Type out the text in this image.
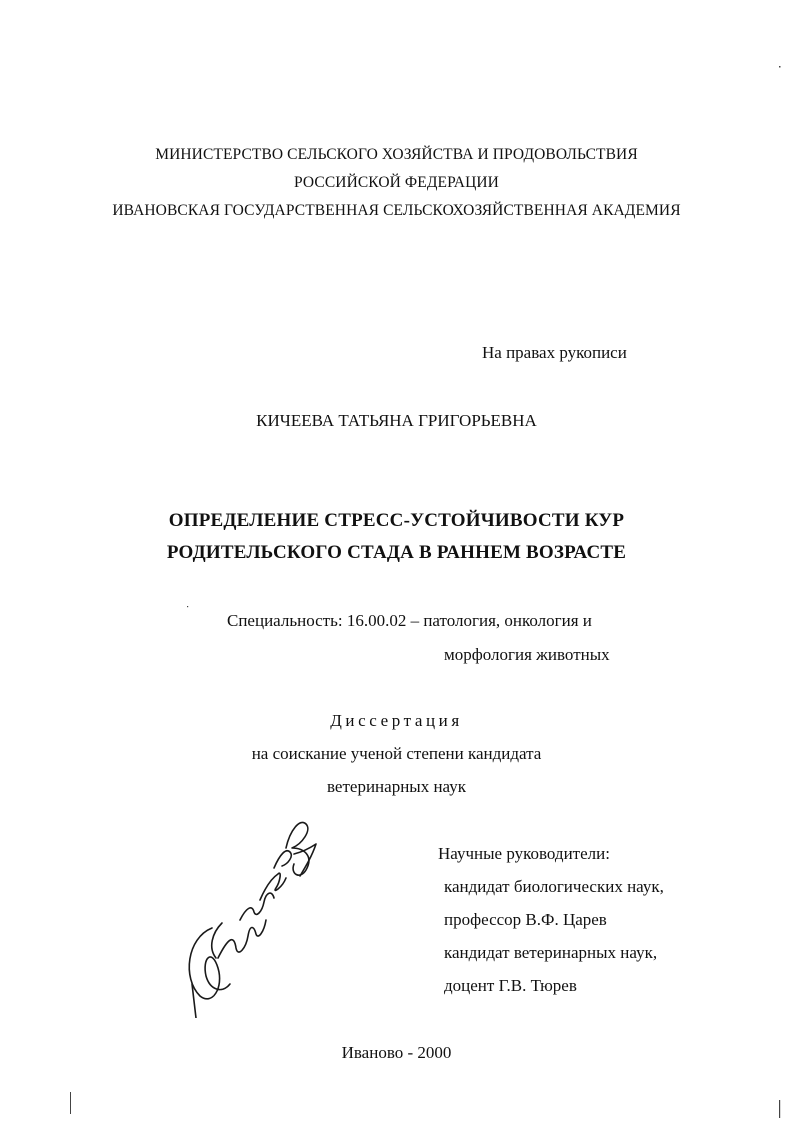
МИНИСТЕРСТВО СЕЛЬСКОГО ХОЗЯЙСТВА И ПРОДОВОЛЬСТВИЯ
РОССИЙСКОЙ ФЕДЕРАЦИИ
ИВАНОВСКАЯ ГОСУДАРСТВЕННАЯ СЕЛЬСКОХОЗЯЙСТВЕННАЯ АКАДЕМИЯ
На правах рукописи
КИЧЕЕВА ТАТЬЯНА ГРИГОРЬЕВНА
ОПРЕДЕЛЕНИЕ СТРЕСС-УСТОЙЧИВОСТИ КУР
РОДИТЕЛЬСКОГО СТАДА В РАННЕМ ВОЗРАСТЕ
Специальность: 16.00.02 – патология, онкология и
морфология животных
Диссертация
на соискание ученой степени кандидата
ветеринарных наук
Научные руководители:
кандидат биологических наук,
профессор В.Ф. Царев
кандидат ветеринарных наук,
доцент Г.В. Тюрев
Иваново - 2000
